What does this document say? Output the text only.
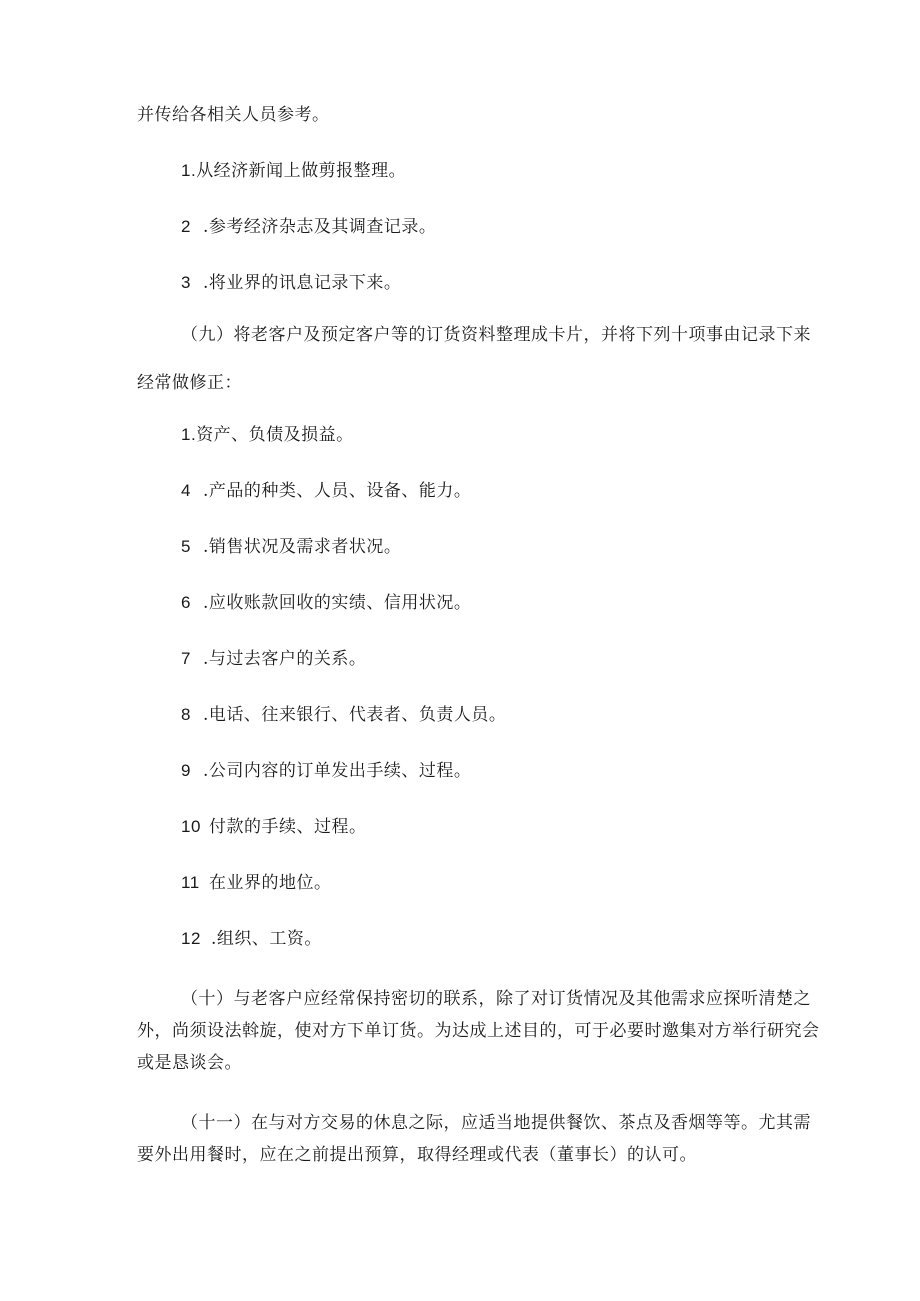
并传给各相关人员参考。
1.从经济新闻上做剪报整理。
2 .参考经济杂志及其调查记录。
3 .将业界的讯息记录下来。
（九）将老客户及预定客户等的订货资料整理成卡片，并将下列十项事由记录下来
经常做修正：
1.资产、负债及损益。
4 .产品的种类、人员、设备、能力。
5 .销售状况及需求者状况。
6 .应收账款回收的实绩、信用状况。
7 .与过去客户的关系。
8 .电话、往来银行、代表者、负责人员。
9 .公司内容的订单发出手续、过程。
10 付款的手续、过程。
11 在业界的地位。
12 .组织、工资。
（十）与老客户应经常保持密切的联系，除了对订货情况及其他需求应探听清楚之
外，尚须设法斡旋，使对方下单订货。为达成上述目的，可于必要时邀集对方举行研究会
或是恳谈会。
（十一）在与对方交易的休息之际，应适当地提供餐饮、茶点及香烟等等。尤其需
要外出用餐时，应在之前提出预算，取得经理或代表（董事长）的认可。
